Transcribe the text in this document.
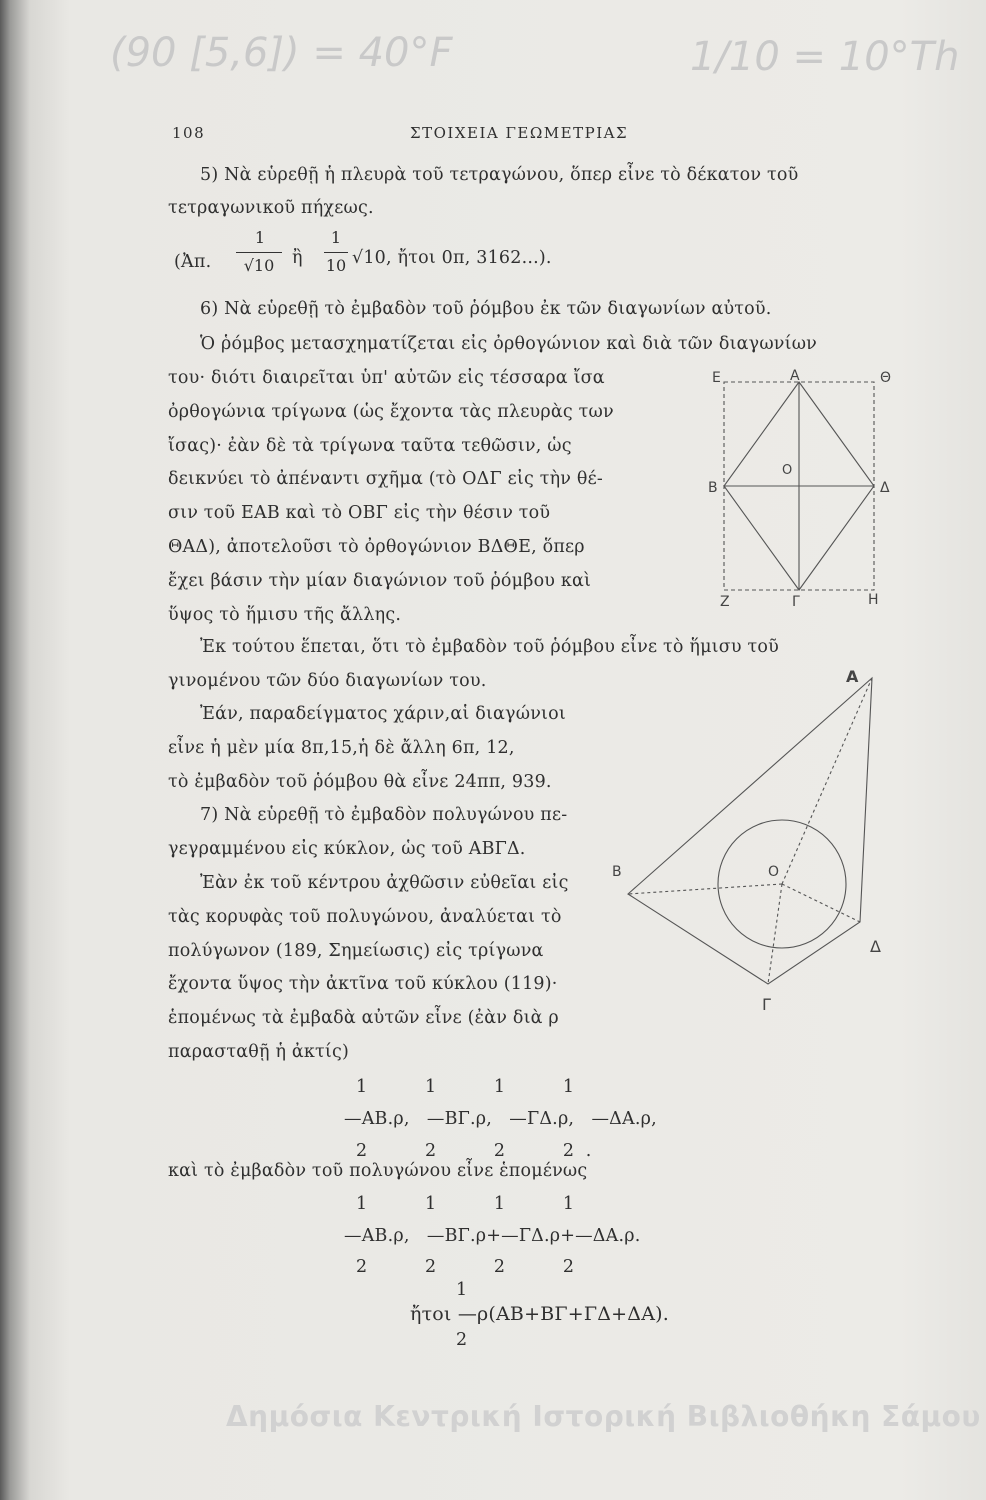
(90 [5,6]) = 40°F	1/10 = 10°Th
108	ΣΤΟΙΧΕΙΑ ΓΕΩΜΕΤΡΙΑΣ
5) Νὰ εὑρεθῇ ἡ πλευρὰ τοῦ τετραγώνου, ὅπερ εἶνε τὸ δέκατον τοῦ
τετραγωνικοῦ πήχεως.
(Ἀπ.
1
√10	ἢ
1
10 √10, ἤτοι 0π, 3162...).
6) Νὰ εὑρεθῇ τὸ ἐμβαδὸν τοῦ ῥόμβου ἐκ τῶν διαγωνίων αὐτοῦ.
Ὁ ῥόμβος μετασχηματίζεται εἰς ὀρθογώνιον καὶ διὰ τῶν διαγωνίων
του· διότι διαιρεῖται ὑπ' αὐτῶν εἰς τέσσαρα ἴσα
ὀρθογώνια τρίγωνα (ὡς ἔχοντα τὰς πλευρὰς των
ἴσας)· ἐὰν δὲ τὰ τρίγωνα ταῦτα τεθῶσιν, ὡς
δεικνύει τὸ ἀπέναντι σχῆμα (τὸ ΟΔΓ εἰς τὴν θέ-
σιν τοῦ ΕΑΒ καὶ τὸ ΟΒΓ εἰς τὴν θέσιν τοῦ
ΘΑΔ), ἀποτελοῦσι τὸ ὀρθογώνιον ΒΔΘΕ, ὅπερ
ἔχει βάσιν τὴν μίαν διαγώνιον τοῦ ῥόμβου καὶ
ὕψος τὸ ἥμισυ τῆς ἄλλης.
Ἐκ τούτου ἕπεται, ὅτι τὸ ἐμβαδὸν τοῦ ῥόμβου εἶνε τὸ ἥμισυ τοῦ
γινομένου τῶν δύο διαγωνίων του.
Ἐάν, παραδείγματος χάριν,αἱ διαγώνιοι
εἶνε ἡ μὲν μία 8π,15,ἡ δὲ ἄλλη 6π, 12,
τὸ ἐμβαδὸν τοῦ ῥόμβου θὰ εἶνε 24ππ, 939.
7) Νὰ εὑρεθῇ τὸ ἐμβαδὸν πολυγώνου πε-
γεγραμμένου εἰς κύκλον, ὡς τοῦ ΑΒΓΔ.
Ἐὰν ἐκ τοῦ κέντρου ἀχθῶσιν εὐθεῖαι εἰς
τὰς κορυφὰς τοῦ πολυγώνου, ἀναλύεται τὸ
πολύγωνον (189, Σημείωσις) εἰς τρίγωνα
ἔχοντα ὕψος τὴν ἀκτῖνα τοῦ κύκλου (119)·
ἑπομένως τὰ ἐμβαδὰ αὐτῶν εἶνε (ἐὰν διὰ ρ
παρασταθῇ ἡ ἀκτίς)
1          1          1          1
—ΑΒ.ρ,   —ΒΓ.ρ,   —ΓΔ.ρ,   —ΔΑ.ρ,
2          2          2          2  .
καὶ τὸ ἐμβαδὸν τοῦ πολυγώνου εἶνε ἑπομένως
1          1          1          1
—ΑΒ.ρ,   —ΒΓ.ρ+—ΓΔ.ρ+—ΔΑ.ρ.
2          2          2          2
1
ἤτοι —ρ(ΑΒ+ΒΓ+ΓΔ+ΔΑ).
2
Ε	Α	Θ
Β
Ο
Δ
Ζ	Γ	Η
Α
Β	Ο
Δ
Γ
Δημόσια Κεντρική Ιστορική Βιβλιοθήκη Σάμου
